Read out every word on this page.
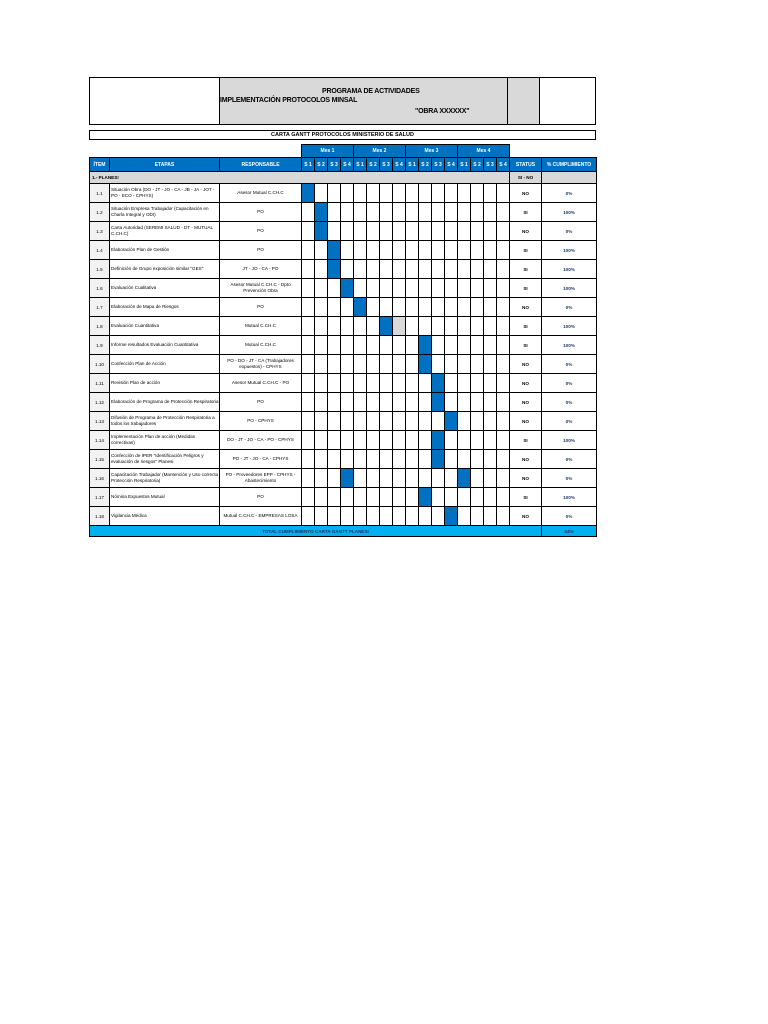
PROGRAMA DE ACTIVIDADES
IMPLEMENTACIÓN PROTOCOLOS MINSAL
"OBRA XXXXXX"
CARTA GANTT PROTOCOLOS MINISTERIO DE SALUD
			Mes 1				Mes 2				Mes 3				Mes 4					
ÍTEM	ETAPAS	RESPONSABLE	S 1	S 2	S 3	S 4	S 1	S 2	S 3	S 4	S 1	S 2	S 3	S 4	S 1	S 2	S 3	S 4	STATUS	% CUMPLIMIENTO
1.- PLANES!																			SI - NO	
1.1	Situación Obra (DO - JT - JO - CA - JB - JA - JOT - PO - ECO - CPHYS)	Asesor Mutual C.CH.C																	NO	0%
1.2	Situación Empresa Trabajador (Capacitación en Charla Integral y ODI)	PO																	SI	100%
1.3	Carta Autoridad (SEREMI SALUD - DT - MUTUAL C.CH.C)	PO																	NO	0%
1.4	Elaboración Plan de Gestión	PO																	SI	100%
1.5	Definición de Grupo exposición similar "GES"	JT - JO - CA - PO																	SI	100%
1.6	Evaluación Cualitativa	Asesor Mutual C.CH.C - Dpto Prevención Obra																	SI	100%
1.7	Elaboración de Mapa de Riesgos	PO																	NO	0%
1.8	Evaluación Cuantitativa	Mutual C.CH.C																	SI	100%
1.9	Informe resultados Evaluación Cuantitativa	Mutual C.CH.C																	SI	100%
1.10	Confección Plan de Acción	PO - DO - JT - CA (Trabajadores expuestos) - CPHYS																	NO	0%
1.11	Revisión Plan de acción	Asesor Mutual C.CH.C - PO																	NO	0%
1.12	Elaboración de Programa de Protección Respiratoria	PO																	NO	0%
1.13	Difusión de Programa de Protección Respiratoria a todos los trabajadores	PO - CPHYS																	NO	0%
1.14	Implementación Plan de acción (Medidas correctivas)	DO - JT - JO - CA - PO - CPHYS																	SI	100%
1.15	Confección de IPER "Identificación Peligros y evaluación de riesgos" Planesi	PO - JT - JO - CA - CPHYS																	NO	0%
1.16	Capacitación Trabajador (Mantención y Uso correcto Protección Respiratoria)	PO - Proveedores EPP - CPHYS - Abastecimiento																	NO	0%
1.17	Nómina Expuestos Mutual	PO																	SI	100%
1.18	Vigilancia Médica	Mutual C.CH.C - EMPRESAS LOSA																	NO	0%
TOTAL CUMPLIMIENTO CARTA GANTT PLANESI																				44%
